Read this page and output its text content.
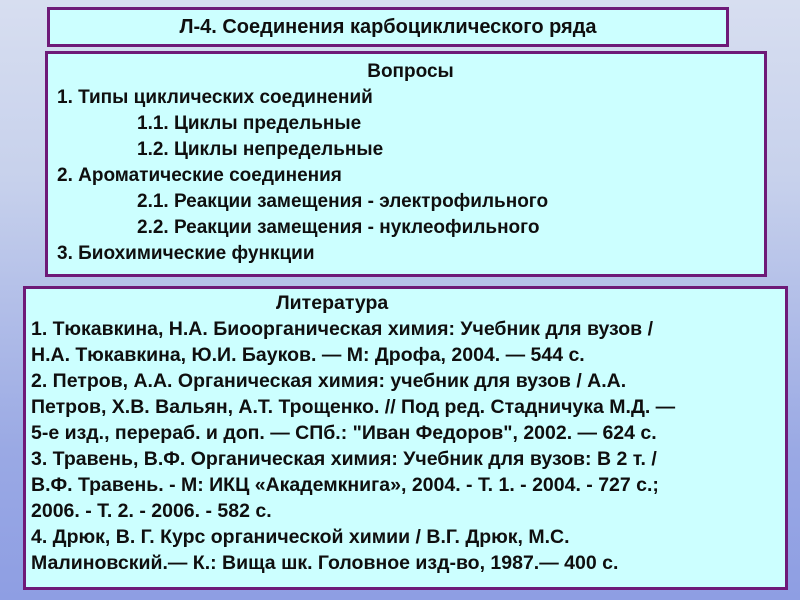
Л-4. Соединения карбоциклического ряда
Вопросы
1. Типы циклических соединений
1.1. Циклы предельные
1.2. Циклы непредельные
2. Ароматические соединения
2.1. Реакции замещения - электрофильного
2.2. Реакции замещения - нуклеофильного
3. Биохимические функции
Литература
1. Тюкавкина, Н.А. Биоорганическая химия: Учебник для вузов /
Н.А. Тюкавкина, Ю.И. Бауков. — М: Дрофа, 2004. — 544 с.
2. Петров, А.А. Органическая химия: учебник для вузов / А.А.
Петров, Х.В. Вальян, А.Т. Трощенко. // Под ред. Стадничука М.Д. —
5-е изд., перераб. и доп. — СПб.: "Иван Федоров", 2002. — 624 с.
3. Травень, В.Ф. Органическая химия: Учебник для вузов: В 2 т. /
В.Ф. Травень. - М: ИКЦ «Академкнига», 2004. - Т. 1. - 2004. - 727 с.;
2006. - Т. 2. - 2006. - 582 с.
4. Дрюк, В. Г. Курс органической химии / В.Г. Дрюк, М.С.
Малиновский.— К.: Вища шк. Головное изд-во, 1987.— 400 с.
